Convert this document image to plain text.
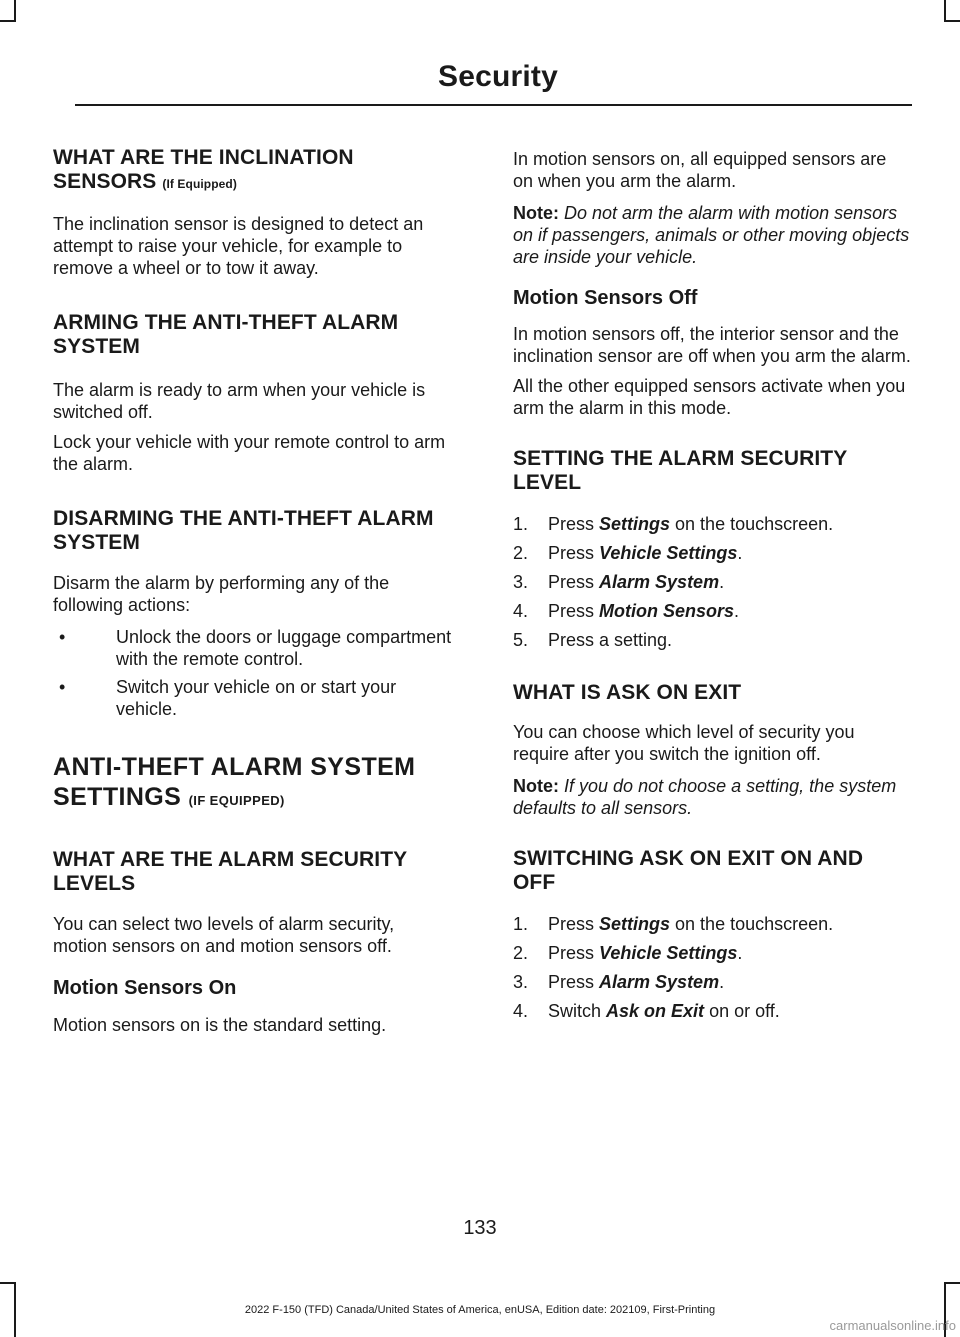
Security
WHAT ARE THE INCLINATION SENSORS (If Equipped)

The inclination sensor is designed to detect an attempt to raise your vehicle, for example to remove a wheel or to tow it away.

ARMING THE ANTI-THEFT ALARM SYSTEM

The alarm is ready to arm when your vehicle is switched off.

Lock your vehicle with your remote control to arm the alarm.

DISARMING THE ANTI-THEFT ALARM SYSTEM

Disarm the alarm by performing any of the following actions:

•	Unlock the doors or luggage compartment with the remote control.
•	Switch your vehicle on or start your vehicle.
ANTI-THEFT ALARM SYSTEM
SETTINGS (IF EQUIPPED)
WHAT ARE THE ALARM SECURITY LEVELS

You can select two levels of alarm security, motion sensors on and motion sensors off.

Motion Sensors On

Motion sensors on is the standard setting.

In motion sensors on, all equipped sensors are on when you arm the alarm.

Note: Do not arm the alarm with motion sensors on if passengers, animals or other moving objects are inside your vehicle.

Motion Sensors Off

In motion sensors off, the interior sensor and the inclination sensor are off when you arm the alarm.

All the other equipped sensors activate when you arm the alarm in this mode.

SETTING THE ALARM SECURITY LEVEL
1. Press Settings on the touchscreen.
2. Press Vehicle Settings.
3. Press Alarm System.
4. Press Motion Sensors.
5. Press a setting.
WHAT IS ASK ON EXIT

You can choose which level of security you require after you switch the ignition off.

Note: If you do not choose a setting, the system defaults to all sensors.

SWITCHING ASK ON EXIT ON AND OFF
1. Press Settings on the touchscreen.
2. Press Vehicle Settings.
3. Press Alarm System.
4. Switch Ask on Exit on or off.
133
2022 F-150 (TFD) Canada/United States of America, enUSA, Edition date: 202109, First-Printing
carmanualsonline.info
